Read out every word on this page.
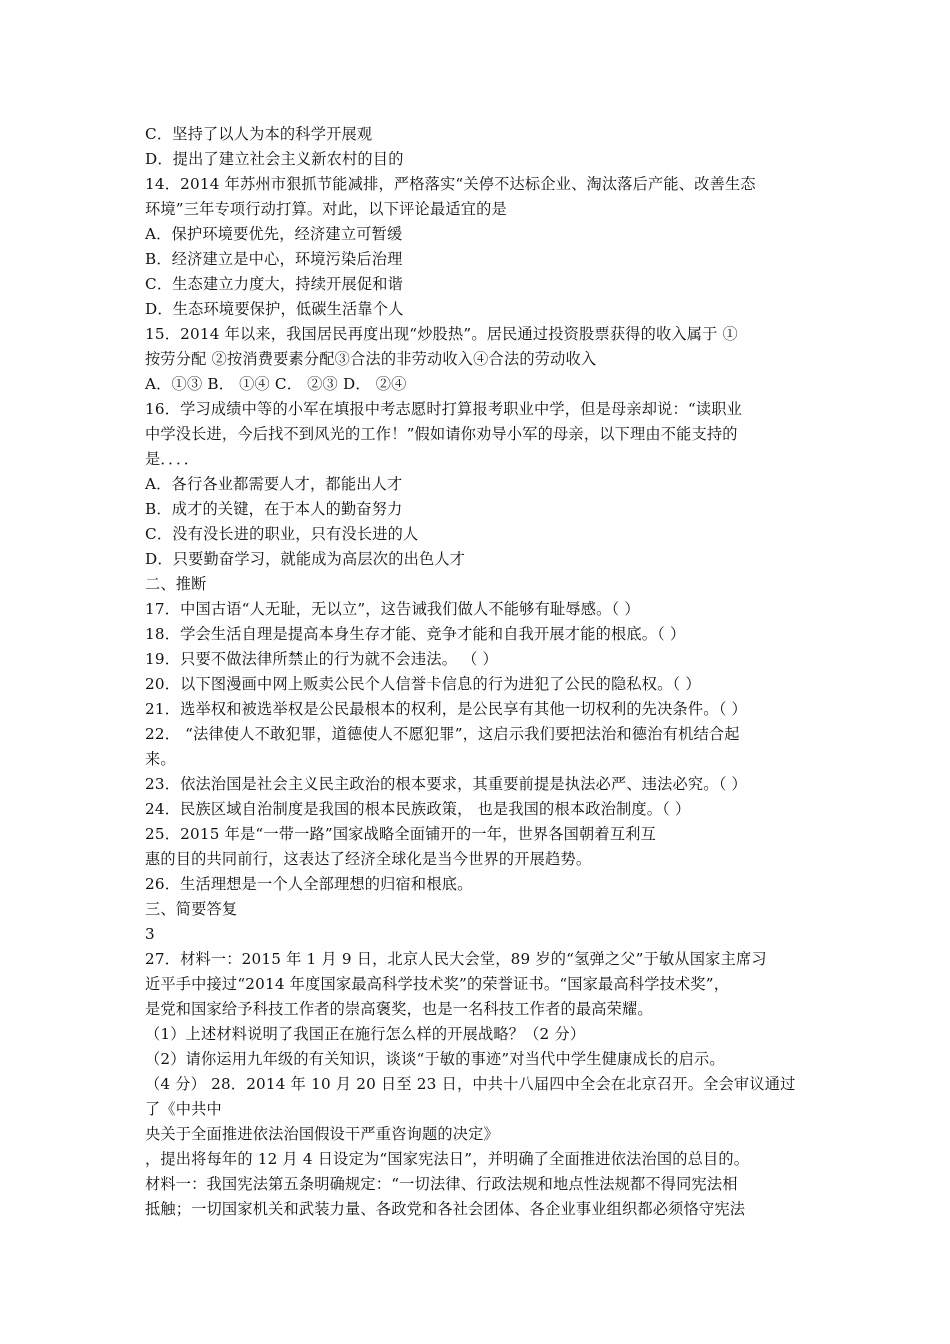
C．坚持了以人为本的科学开展观
D．提出了建立社会主义新农村的目的
14．2014 年苏州市狠抓节能减排，严格落实“关停不达标企业、淘汰落后产能、改善生态
环境”三年专项行动打算。对此，以下评论最适宜的是
A．保护环境要优先，经济建立可暂缓
B．经济建立是中心，环境污染后治理
C．生态建立力度大，持续开展促和谐
D．生态环境要保护，低碳生活靠个人
15．2014 年以来，我国居民再度出现“炒股热”。居民通过投资股票获得的收入属于 ①
按劳分配 ②按消费要素分配③合法的非劳动收入④合法的劳动收入
A．①③ B． ①④ C． ②③ D． ②④
16．学习成绩中等的小军在填报中考志愿时打算报考职业中学，但是母亲却说：“读职业
中学没长进，今后找不到风光的工作！”假如请你劝导小军的母亲，以下理由不能支持的
是．．．．
A．各行各业都需要人才，都能出人才
B．成才的关键，在于本人的勤奋努力
C．没有没长进的职业，只有没长进的人
D．只要勤奋学习，就能成为高层次的出色人才
二、推断
17．中国古语“人无耻，无以立”，这告诫我们做人不能够有耻辱感。（ ）
18．学会生活自理是提高本身生存才能、竞争才能和自我开展才能的根底。（ ）
19．只要不做法律所禁止的行为就不会违法。 （ ）
20．以下图漫画中网上贩卖公民个人信誉卡信息的行为进犯了公民的隐私权。（ ）
21．选举权和被选举权是公民最根本的权利，是公民享有其他一切权利的先决条件。（ ）
22． “法律使人不敢犯罪，道德使人不愿犯罪”，这启示我们要把法治和德治有机结合起
来。
23．依法治国是社会主义民主政治的根本要求，其重要前提是执法必严、违法必究。（ ）
24．民族区域自治制度是我国的根本民族政策， 也是我国的根本政治制度。（ ）
25．2015 年是“一带一路”国家战略全面铺开的一年，世界各国朝着互利互
惠的目的共同前行，这表达了经济全球化是当今世界的开展趋势。
26．生活理想是一个人全部理想的归宿和根底。
三、简要答复
3
27．材料一：2015 年 1 月 9 日，北京人民大会堂，89 岁的“氢弹之父”于敏从国家主席习
近平手中接过“2014 年度国家最高科学技术奖”的荣誉证书。“国家最高科学技术奖”，
是党和国家给予科技工作者的崇高褒奖，也是一名科技工作者的最高荣耀。
（1）上述材料说明了我国正在施行怎么样的开展战略？（2 分）
（2）请你运用九年级的有关知识，谈谈“于敏的事迹”对当代中学生健康成长的启示。
（4 分） 28．2014 年 10 月 20 日至 23 日，中共十八届四中全会在北京召开。全会审议通过
了《中共中
央关于全面推进依法治国假设干严重咨询题的决定》
，提出将每年的 12 月 4 日设定为“国家宪法日”，并明确了全面推进依法治国的总目的。
材料一：我国宪法第五条明确规定：“一切法律、行政法规和地点性法规都不得同宪法相
抵触；一切国家机关和武装力量、各政党和各社会团体、各企业事业组织都必须恪守宪法
